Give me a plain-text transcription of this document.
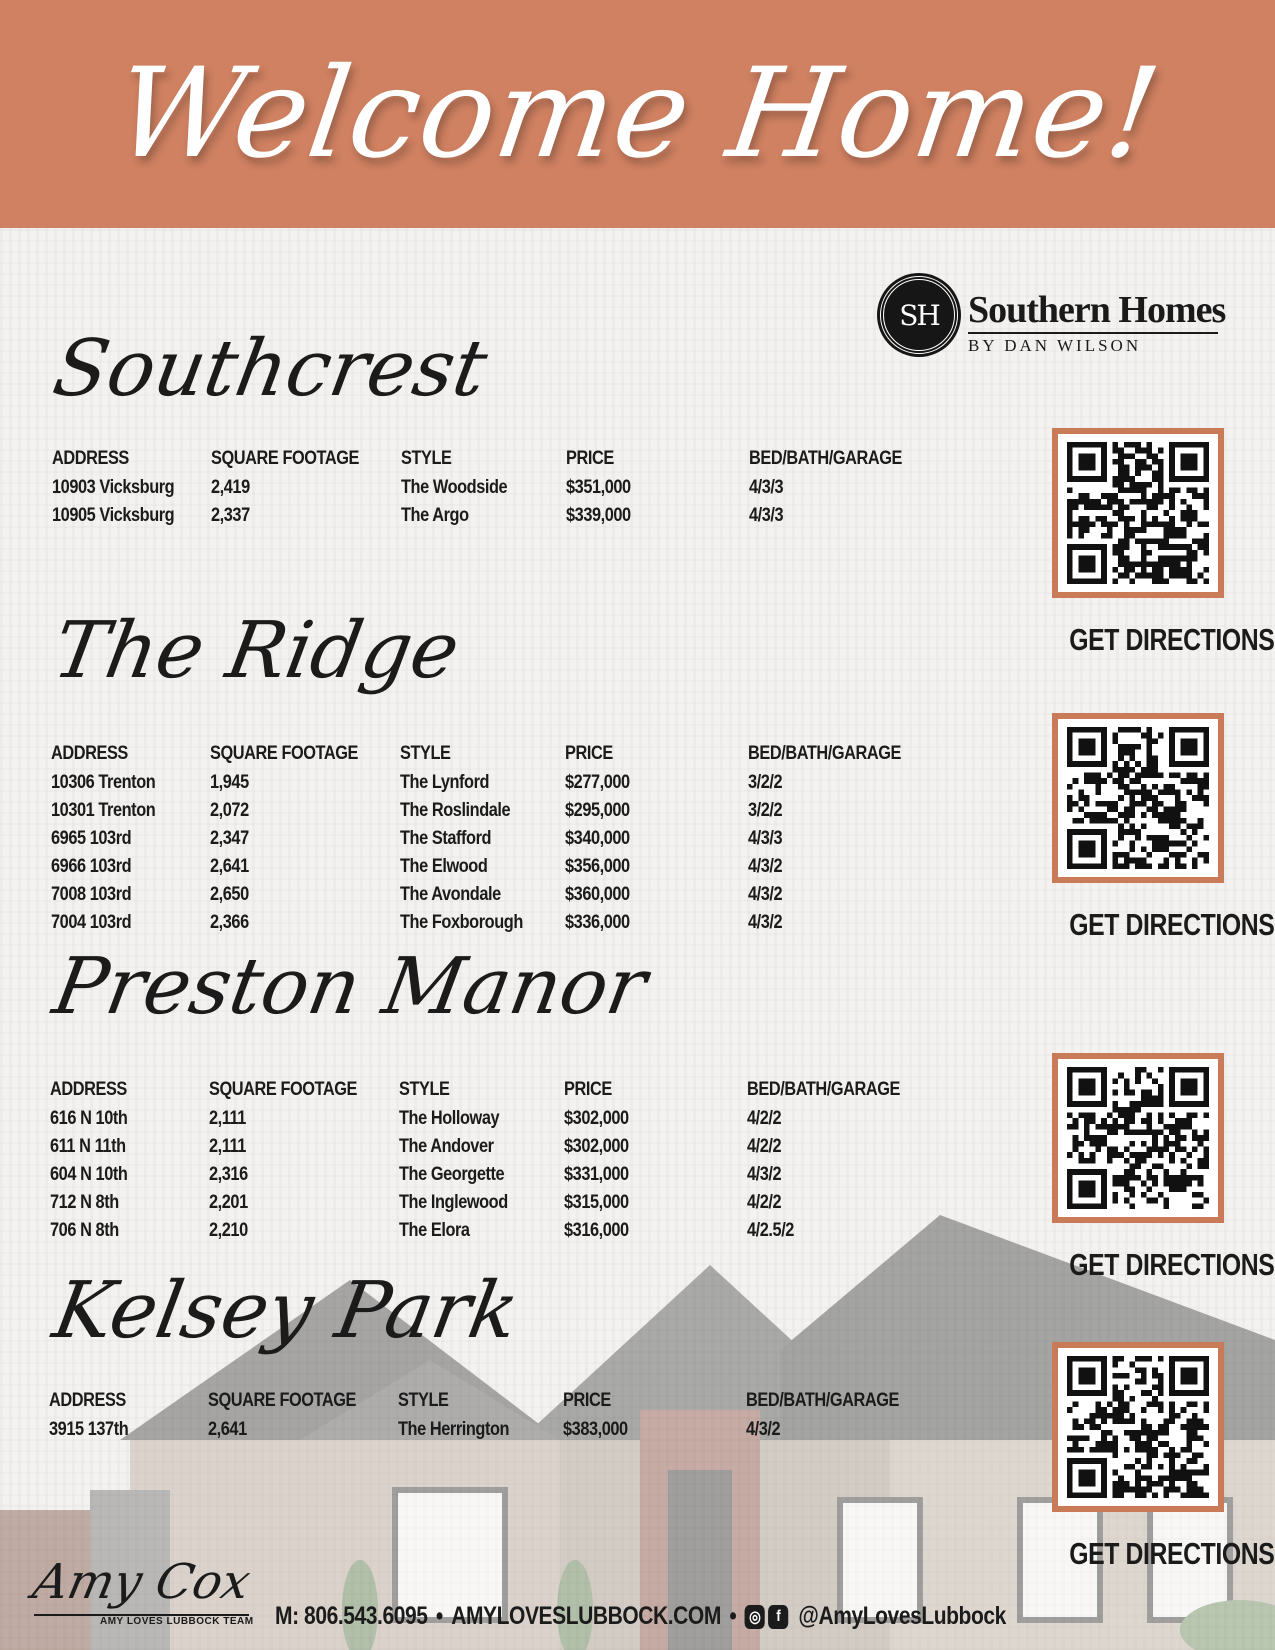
Welcome Home!
SH Southern Homes
BY DAN WILSON
Southcrest
The Ridge
Preston Manor
Kelsey Park
ADDRESS
10903 Vicksburg
10905 Vicksburg
SQUARE FOOTAGE
2,419
2,337
STYLE
The Woodside
The Argo
PRICE
$351,000
$339,000
BED/BATH/GARAGE
4/3/3
4/3/3
ADDRESS
10306 Trenton
10301 Trenton
6965 103rd
6966 103rd
7008 103rd
7004 103rd
SQUARE FOOTAGE
1,945
2,072
2,347
2,641
2,650
2,366
STYLE
The Lynford
The Roslindale
The Stafford
The Elwood
The Avondale
The Foxborough
PRICE
$277,000
$295,000
$340,000
$356,000
$360,000
$336,000
BED/BATH/GARAGE
3/2/2
3/2/2
4/3/3
4/3/2
4/3/2
4/3/2
ADDRESS
616 N 10th
611 N 11th
604 N 10th
712 N 8th
706 N 8th
SQUARE FOOTAGE
2,111
2,111
2,316
2,201
2,210
STYLE
The Holloway
The Andover
The Georgette
The Inglewood
The Elora
PRICE
$302,000
$302,000
$331,000
$315,000
$316,000
BED/BATH/GARAGE
4/2/2
4/2/2
4/3/2
4/2/2
4/2.5/2
ADDRESS
3915 137th
SQUARE FOOTAGE
2,641
STYLE
The Herrington
PRICE
$383,000
BED/BATH/GARAGE
4/3/2
GET DIRECTIONS
GET DIRECTIONS
GET DIRECTIONS
GET DIRECTIONS
Amy Cox
AMY LOVES LUBBOCK TEAM M: 806.543.6095 • AMYLOVESLUBBOCK.COM • ◎ f @AmyLovesLubbock
